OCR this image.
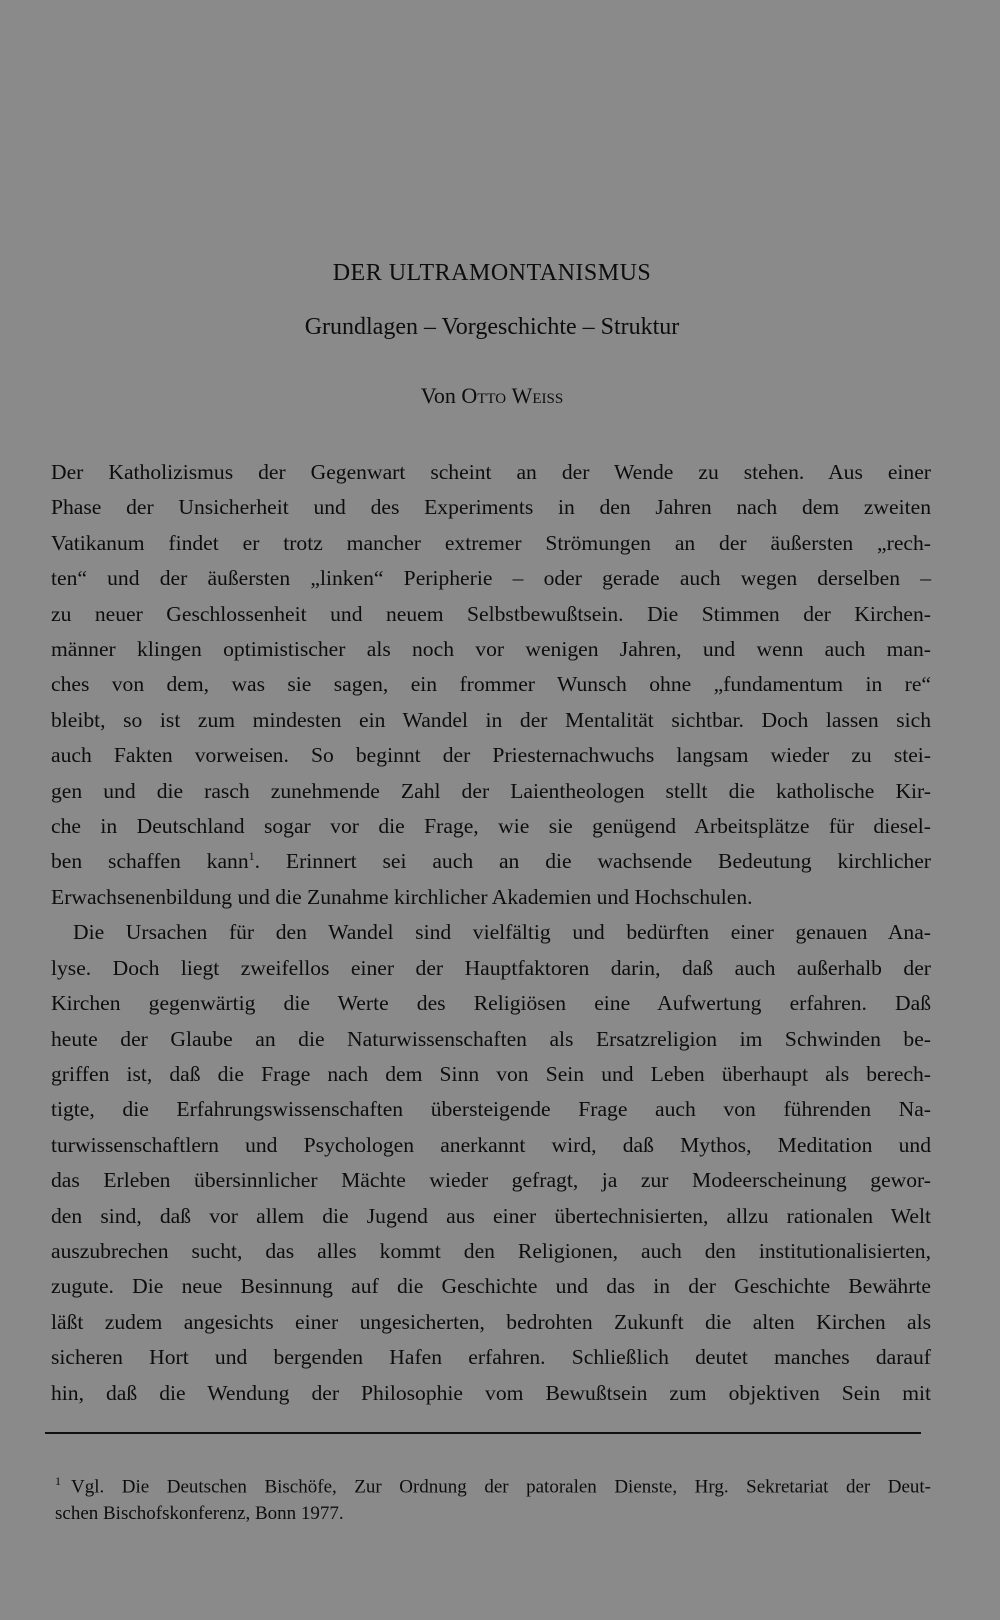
DER ULTRAMONTANISMUS
Grundlagen – Vorgeschichte – Struktur
Von Otto Weiss
Der Katholizismus der Gegenwart scheint an der Wende zu stehen. Aus einer
Phase der Unsicherheit und des Experiments in den Jahren nach dem zweiten
Vatikanum findet er trotz mancher extremer Strömungen an der äußersten „rech-
ten“ und der äußersten „linken“ Peripherie – oder gerade auch wegen derselben –
zu neuer Geschlossenheit und neuem Selbstbewußtsein. Die Stimmen der Kirchen-
männer klingen optimistischer als noch vor wenigen Jahren, und wenn auch man-
ches von dem, was sie sagen, ein frommer Wunsch ohne „fundamentum in re“
bleibt, so ist zum mindesten ein Wandel in der Mentalität sichtbar. Doch lassen sich
auch Fakten vorweisen. So beginnt der Priesternachwuchs langsam wieder zu stei-
gen und die rasch zunehmende Zahl der Laientheologen stellt die katholische Kir-
che in Deutschland sogar vor die Frage, wie sie genügend Arbeitsplätze für diesel-
ben schaffen kann$^1$. Erinnert sei auch an die wachsende Bedeutung kirchlicher
Erwachsenenbildung und die Zunahme kirchlicher Akademien und Hochschulen.
Die Ursachen für den Wandel sind vielfältig und bedürften einer genauen Ana-
lyse. Doch liegt zweifellos einer der Hauptfaktoren darin, daß auch außerhalb der
Kirchen gegenwärtig die Werte des Religiösen eine Aufwertung erfahren. Daß
heute der Glaube an die Naturwissenschaften als Ersatzreligion im Schwinden be-
griffen ist, daß die Frage nach dem Sinn von Sein und Leben überhaupt als berech-
tigte, die Erfahrungswissenschaften übersteigende Frage auch von führenden Na-
turwissenschaftlern und Psychologen anerkannt wird, daß Mythos, Meditation und
das Erleben übersinnlicher Mächte wieder gefragt, ja zur Modeerscheinung gewor-
den sind, daß vor allem die Jugend aus einer übertechnisierten, allzu rationalen Welt
auszubrechen sucht, das alles kommt den Religionen, auch den institutionalisierten,
zugute. Die neue Besinnung auf die Geschichte und das in der Geschichte Bewährte
läßt zudem angesichts einer ungesicherten, bedrohten Zukunft die alten Kirchen als
sicheren Hort und bergenden Hafen erfahren. Schließlich deutet manches darauf
hin, daß die Wendung der Philosophie vom Bewußtsein zum objektiven Sein mit
$^1$ Vgl. Die Deutschen Bischöfe, Zur Ordnung der patoralen Dienste, Hrg. Sekretariat der Deut-
schen Bischofskonferenz, Bonn 1977.
